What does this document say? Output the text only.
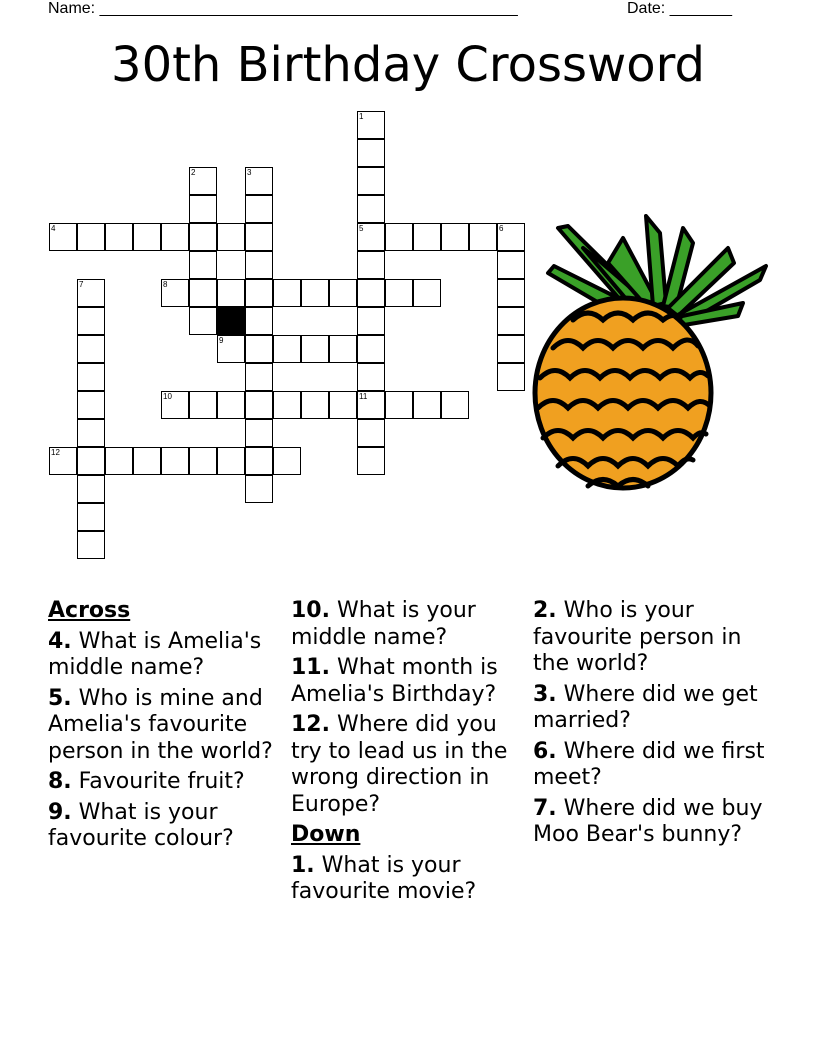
Name: _______________________________________________	Date: _______
30th Birthday Crossword
4	5	6
8
9
10	11
12
1
2	3
7
Across
4. What is Amelia's middle name?
5. Who is mine and Amelia's favourite person in the world?
8. Favourite fruit?
9. What is your favourite colour?
10. What is your middle name?
11. What month is Amelia's Birthday?
12. Where did you try to lead us in the wrong direction in Europe?
Down
1. What is your favourite movie?
2. Who is your favourite person in the world?
3. Where did we get married?
6. Where did we first meet?
7. Where did we buy Moo Bear's bunny?
